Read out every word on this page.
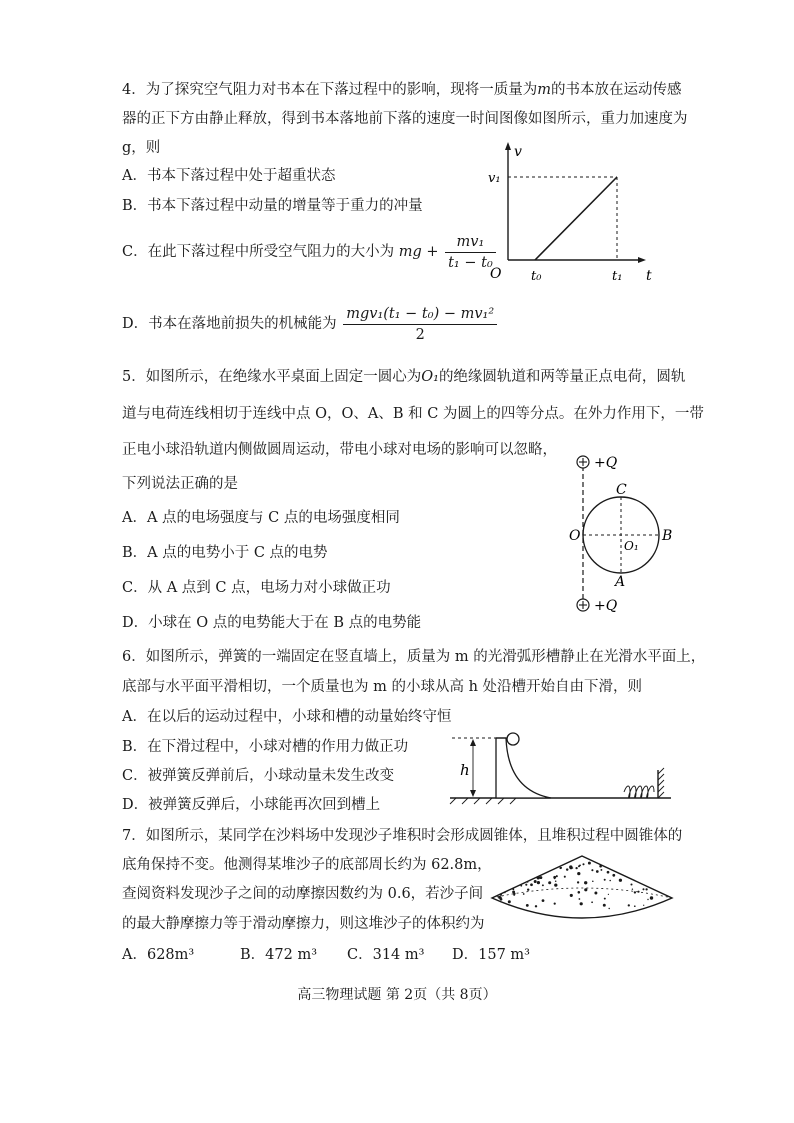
4．为了探究空气阻力对书本在下落过程中的影响，现将一质量为m的书本放在运动传感
器的正下方由静止释放，得到书本落地前下落的速度一时间图像如图所示，重力加速度为
g，则
A．书本下落过程中处于超重状态
B．书本下落过程中动量的增量等于重力的冲量
C．在此下落过程中所受空气阻力的大小为 mg + $\frac{\text{mv₁}}{\text{t₁ − t₀}}$
D．书本在落地前损失的机械能为 $\frac{\text{mgv₁(t₁ − t₀) − mv₁²}}{2}$
v
v₁
O t₀	t₁ t
5．如图所示，在绝缘水平桌面上固定一圆心为O₁的绝缘圆轨道和两等量正点电荷，圆轨
道与电荷连线相切于连线中点 O，O、A、B 和 C 为圆上的四等分点。在外力作用下，一带
正电小球沿轨道内侧做圆周运动，带电小球对电场的影响可以忽略，
下列说法正确的是
A．A 点的电场强度与 C 点的电场强度相同
B．A 点的电势小于 C 点的电势
C．从 A 点到 C 点，电场力对小球做正功
D．小球在 O 点的电势能大于在 B 点的电势能
+Q
+Q
C
O	B
O₁
A
6．如图所示，弹簧的一端固定在竖直墙上，质量为 m 的光滑弧形槽静止在光滑水平面上，
底部与水平面平滑相切，一个质量也为 m 的小球从高 h 处沿槽开始自由下滑，则
A．在以后的运动过程中，小球和槽的动量始终守恒
B．在下滑过程中，小球对槽的作用力做正功
C．被弹簧反弹前后，小球动量未发生改变
D．被弹簧反弹后，小球能再次回到槽上
h
7．如图所示，某同学在沙料场中发现沙子堆积时会形成圆锥体，且堆积过程中圆锥体的
底角保持不变。他测得某堆沙子的底部周长约为 62.8m，
查阅资料发现沙子之间的动摩擦因数约为 0.6，若沙子间
的最大静摩擦力等于滑动摩擦力，则这堆沙子的体积约为
A．628m³	B．472 m³ C．314 m³ D．157 m³
高三物理试题 第 2页（共 8页）
